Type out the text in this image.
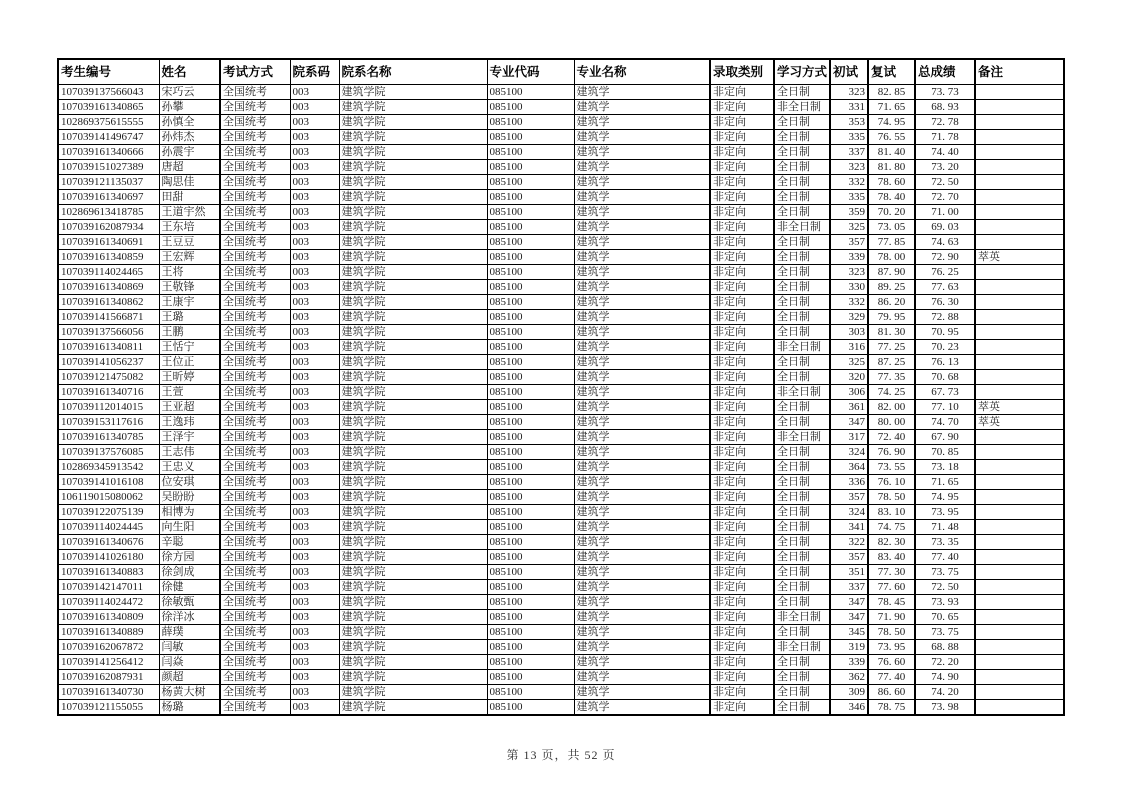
考生编号	姓名	考试方式	院系码	院系名称	专业代码	专业名称	录取类别	学习方式	初试	复试	总成绩	备注
107039137566043	宋巧云	全国统考	003	建筑学院	085100	建筑学	非定向	全日制	323	82. 85	73. 73	
107039161340865	孙攀	全国统考	003	建筑学院	085100	建筑学	非定向	非全日制	331	71. 65	68. 93	
102869375615555	孙慎全	全国统考	003	建筑学院	085100	建筑学	非定向	全日制	353	74. 95	72. 78	
107039141496747	孙炜杰	全国统考	003	建筑学院	085100	建筑学	非定向	全日制	335	76. 55	71. 78	
107039161340666	孙震宇	全国统考	003	建筑学院	085100	建筑学	非定向	全日制	337	81. 40	74. 40	
107039151027389	唐超	全国统考	003	建筑学院	085100	建筑学	非定向	全日制	323	81. 80	73. 20	
107039121135037	陶思佳	全国统考	003	建筑学院	085100	建筑学	非定向	全日制	332	78. 60	72. 50	
107039161340697	田甜	全国统考	003	建筑学院	085100	建筑学	非定向	全日制	335	78. 40	72. 70	
102869613418785	王道宇然	全国统考	003	建筑学院	085100	建筑学	非定向	全日制	359	70. 20	71. 00	
107039162087934	王东培	全国统考	003	建筑学院	085100	建筑学	非定向	非全日制	325	73. 05	69. 03	
107039161340691	王豆豆	全国统考	003	建筑学院	085100	建筑学	非定向	全日制	357	77. 85	74. 63	
107039161340859	王宏辉	全国统考	003	建筑学院	085100	建筑学	非定向	全日制	339	78. 00	72. 90	萃英
107039114024465	王将	全国统考	003	建筑学院	085100	建筑学	非定向	全日制	323	87. 90	76. 25	
107039161340869	王敬锋	全国统考	003	建筑学院	085100	建筑学	非定向	全日制	330	89. 25	77. 63	
107039161340862	王康宇	全国统考	003	建筑学院	085100	建筑学	非定向	全日制	332	86. 20	76. 30	
107039141566871	王璐	全国统考	003	建筑学院	085100	建筑学	非定向	全日制	329	79. 95	72. 88	
107039137566056	王鹏	全国统考	003	建筑学院	085100	建筑学	非定向	全日制	303	81. 30	70. 95	
107039161340811	王恬宁	全国统考	003	建筑学院	085100	建筑学	非定向	非全日制	316	77. 25	70. 23	
107039141056237	王位正	全国统考	003	建筑学院	085100	建筑学	非定向	全日制	325	87. 25	76. 13	
107039121475082	王昕婷	全国统考	003	建筑学院	085100	建筑学	非定向	全日制	320	77. 35	70. 68	
107039161340716	王萱	全国统考	003	建筑学院	085100	建筑学	非定向	非全日制	306	74. 25	67. 73	
107039112014015	王亚超	全国统考	003	建筑学院	085100	建筑学	非定向	全日制	361	82. 00	77. 10	萃英
107039153117616	王逸玮	全国统考	003	建筑学院	085100	建筑学	非定向	全日制	347	80. 00	74. 70	萃英
107039161340785	王泽宇	全国统考	003	建筑学院	085100	建筑学	非定向	非全日制	317	72. 40	67. 90	
107039137576085	王志伟	全国统考	003	建筑学院	085100	建筑学	非定向	全日制	324	76. 90	70. 85	
102869345913542	王忠义	全国统考	003	建筑学院	085100	建筑学	非定向	全日制	364	73. 55	73. 18	
107039141016108	位安琪	全国统考	003	建筑学院	085100	建筑学	非定向	全日制	336	76. 10	71. 65	
106119015080062	吴盼盼	全国统考	003	建筑学院	085100	建筑学	非定向	全日制	357	78. 50	74. 95	
107039122075139	相博为	全国统考	003	建筑学院	085100	建筑学	非定向	全日制	324	83. 10	73. 95	
107039114024445	向生阳	全国统考	003	建筑学院	085100	建筑学	非定向	全日制	341	74. 75	71. 48	
107039161340676	辛聪	全国统考	003	建筑学院	085100	建筑学	非定向	全日制	322	82. 30	73. 35	
107039141026180	徐方园	全国统考	003	建筑学院	085100	建筑学	非定向	全日制	357	83. 40	77. 40	
107039161340883	徐剑成	全国统考	003	建筑学院	085100	建筑学	非定向	全日制	351	77. 30	73. 75	
107039142147011	徐健	全国统考	003	建筑学院	085100	建筑学	非定向	全日制	337	77. 60	72. 50	
107039114024472	徐敏甄	全国统考	003	建筑学院	085100	建筑学	非定向	全日制	347	78. 45	73. 93	
107039161340809	徐洋冰	全国统考	003	建筑学院	085100	建筑学	非定向	非全日制	347	71. 90	70. 65	
107039161340889	薛璞	全国统考	003	建筑学院	085100	建筑学	非定向	全日制	345	78. 50	73. 75	
107039162067872	闫敏	全国统考	003	建筑学院	085100	建筑学	非定向	非全日制	319	73. 95	68. 88	
107039141256412	闫焱	全国统考	003	建筑学院	085100	建筑学	非定向	全日制	339	76. 60	72. 20	
107039162087931	颜超	全国统考	003	建筑学院	085100	建筑学	非定向	全日制	362	77. 40	74. 90	
107039161340730	杨黄大树	全国统考	003	建筑学院	085100	建筑学	非定向	全日制	309	86. 60	74. 20	
107039121155055	杨璐	全国统考	003	建筑学院	085100	建筑学	非定向	全日制	346	78. 75	73. 98	
第 13 页，共 52 页
